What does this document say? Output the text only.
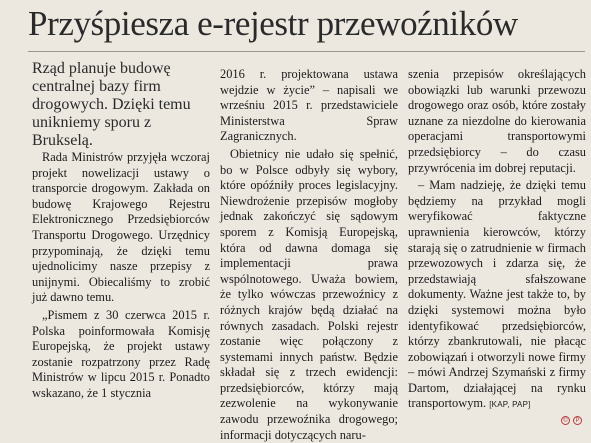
Przyśpiesza e-rejestr przewoźników

Rząd planuje budowę centralnej bazy firm drogowych. Dzięki temu unikniemy sporu z Brukselą.

Rada Ministrów przyjęła wczoraj projekt nowelizacji ustawy o transporcie drogowym. Zakłada on budowę Krajowego Rejestru Elektronicznego Przedsiębiorców Transportu Drogowego. Urzędnicy przypominają, że dzięki temu ujednolicimy nasze przepisy z unijnymi. Obiecaliśmy to zrobić już dawno temu.

„Pismem z 30 czerwca 2015 r. Polska poinformowała Komisję Europejską, że projekt ustawy zostanie rozpatrzony przez Radę Ministrów w lipcu 2015 r. Ponadto wskazano, że 1 stycznia

2016 r. projektowana ustawa wejdzie w życie” – napisali we wrześniu 2015 r. przedstawiciele Ministerstwa Spraw Zagranicznych.

Obietnicy nie udało się spełnić, bo w Polsce odbyły się wybory, które opóźniły proces legislacyjny. Niewdrożenie przepisów mogłoby jednak zakończyć się sądowym sporem z Komisją Europejską, która od dawna domaga się implementacji prawa wspólnotowego. Uważa bowiem, że tylko wówczas przewoźnicy z różnych krajów będą działać na równych zasadach. Polski rejestr zostanie więc połączony z systemami innych państw. Będzie składał się z trzech ewidencji: przedsiębiorców, którzy mają zezwolenie na wykonywanie zawodu przewoźnika drogowego; informacji dotyczących naru-

szenia przepisów określających obowiązki lub warunki przewozu drogowego oraz osób, które zostały uznane za niezdolne do kierowania operacjami transportowymi przedsiębiorcy – do czasu przywrócenia im dobrej reputacji.

– Mam nadzieję, że dzięki temu będziemy na przykład mogli weryfikować faktyczne uprawnienia kierowców, którzy starają się o zatrudnienie w firmach przewozowych i zdarza się, że przedstawiają sfałszowane dokumenty. Ważne jest także to, by dzięki systemowi można było identyfikować przedsiębiorców, którzy zbankrutowali, nie płacąc zobowiązań i otworzyli nowe firmy – mówi Andrzej Szymański z firmy Dartom, działającej na rynku transportowym. [KAP, PAP]

©	P
